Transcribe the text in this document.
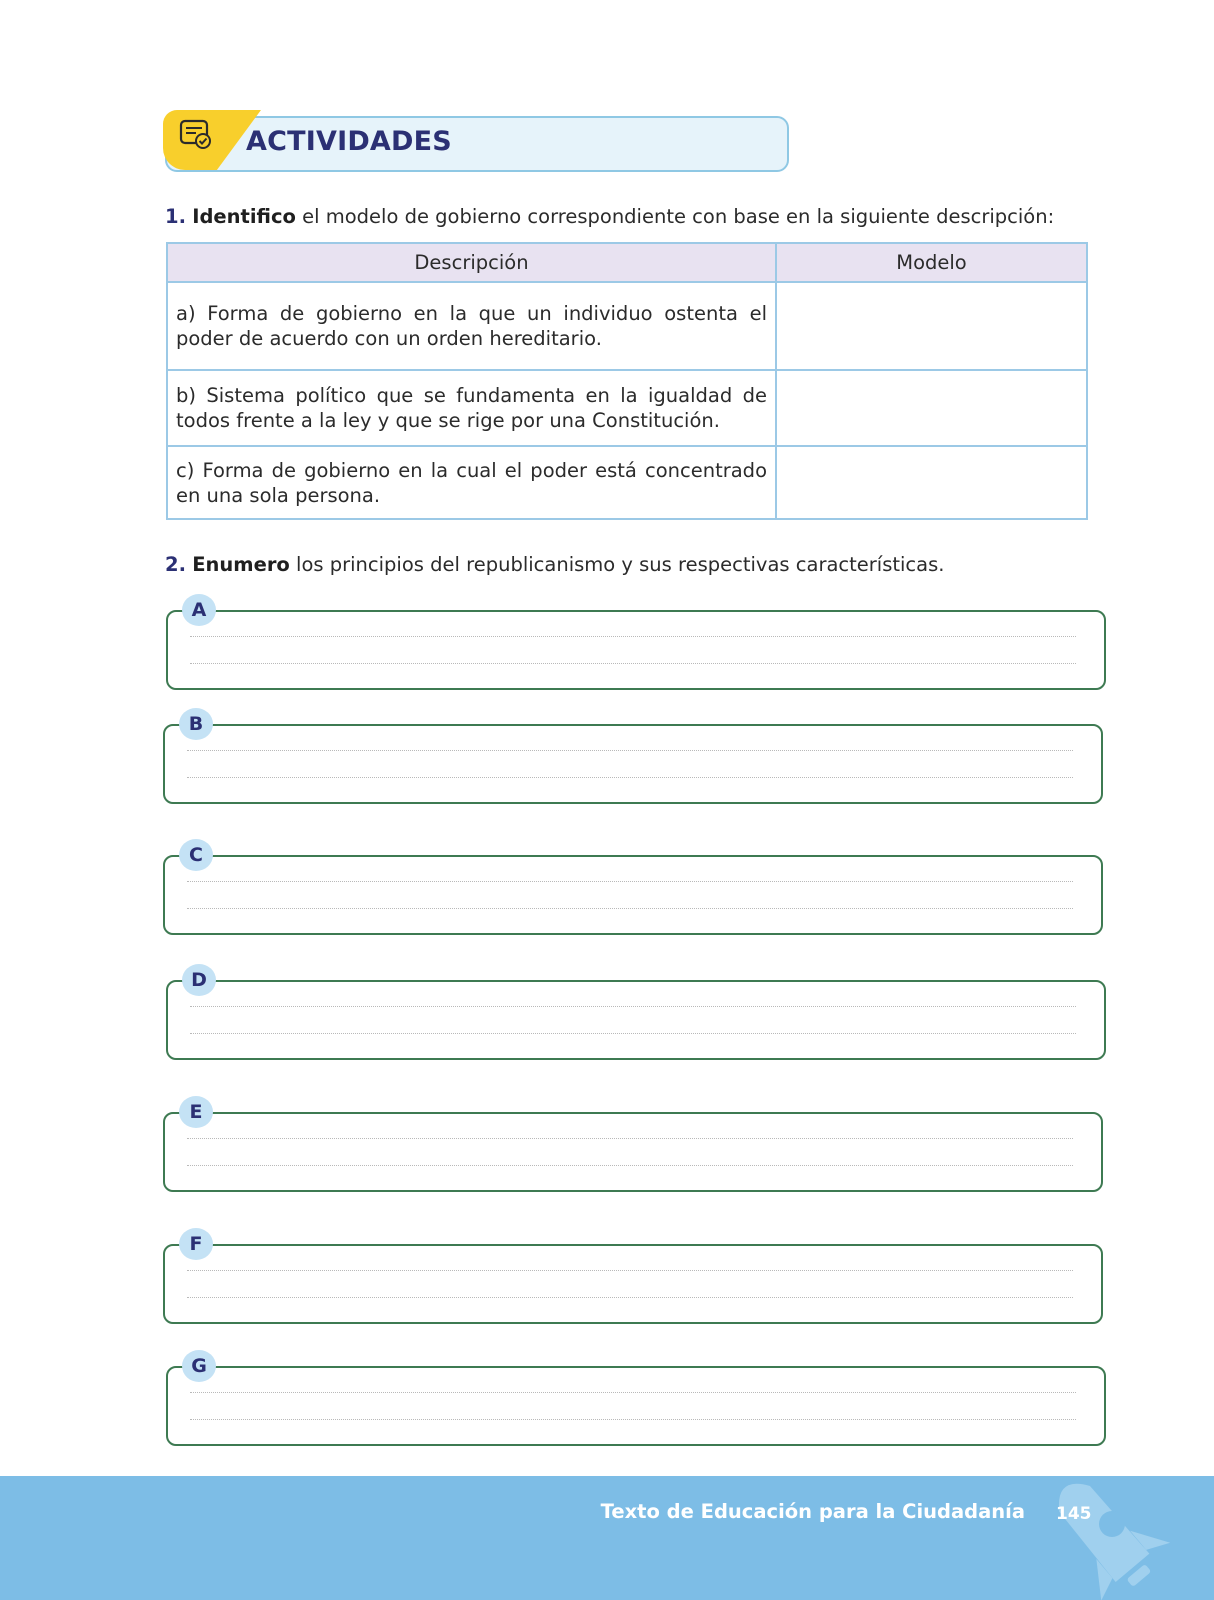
ACTIVIDADES
1. Identifico el modelo de gobierno correspondiente con base en la siguiente descripción:
Descripción	Modelo
a) Forma de gobierno en la que un individuo ostenta el poder de acuerdo con un orden hereditario.	
b) Sistema político que se fundamenta en la igualdad de todos frente a la ley y que se rige por una Constitución.	
c) Forma de gobierno en la cual el poder está concentrado en una sola persona.	
2. Enumero los principios del republicanismo y sus respectivas características.
A
B
C
D
E
F
G
Texto de Educación para la Ciudadanía 145
